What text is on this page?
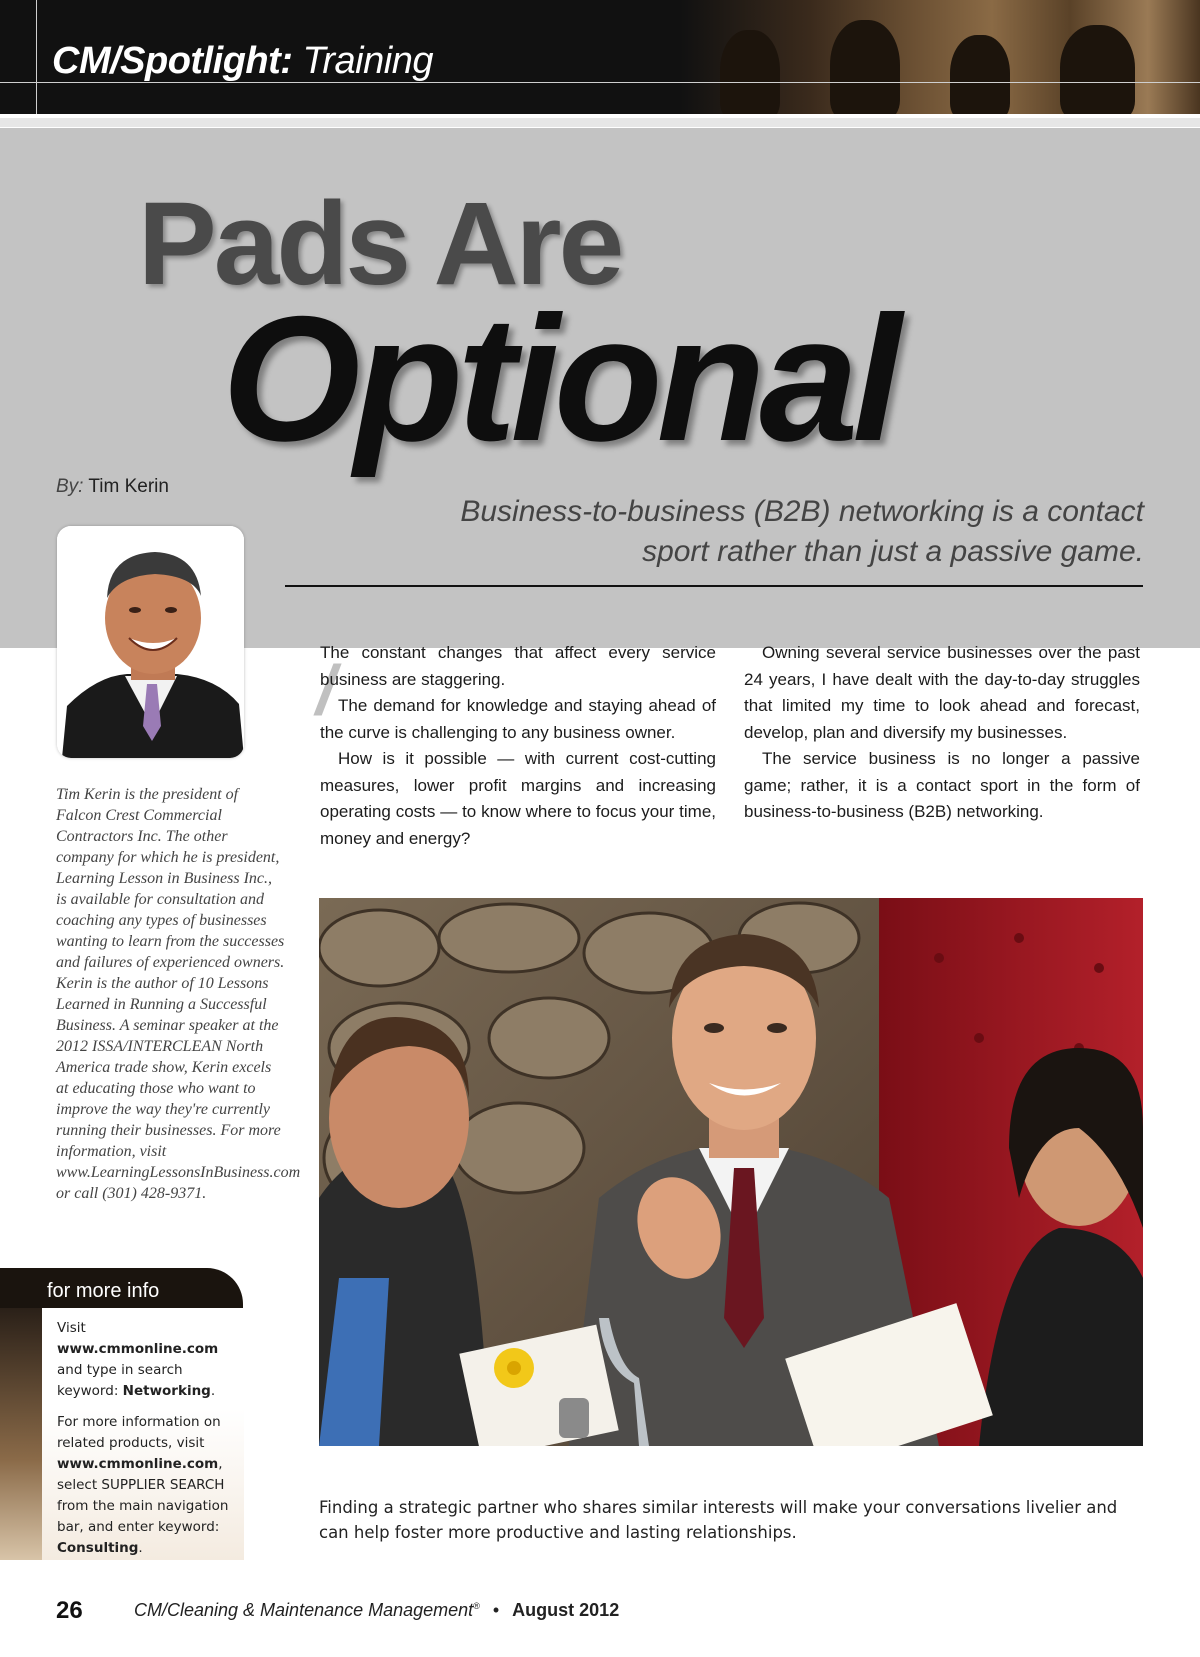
CM/Spotlight: Training
Pads Are
Optional
By: Tim Kerin
Business-to-business (B2B) networking is a contact sport rather than just a passive game.
Tim Kerin is the president of Falcon Crest Commercial Contractors Inc. The other company for which he is president, Learning Lesson in Business Inc., is available for consultation and coaching any types of businesses wanting to learn from the successes and failures of experienced owners. Kerin is the author of 10 Lessons Learned in Running a Successful Business. A seminar speaker at the 2012 ISSA/INTERCLEAN North America trade show, Kerin excels at educating those who want to improve the way they're currently running their businesses. For more information, visit www.LearningLessonsInBusiness.com or call (301) 428-9371.
for more info

Visit www.cmmonline.com and type in search keyword: Networking.

For more information on related products, visit www.cmmonline.com, select SUPPLIER SEARCH from the main navigation bar, and enter keyword: Consulting.

/

The constant changes that affect every service business are staggering.

The demand for knowledge and staying ahead of the curve is challenging to any business owner.

How is it possible — with current cost-cutting measures, lower profit margins and increasing operating costs — to know where to focus your time, money and energy?

Owning several service businesses over the past 24 years, I have dealt with the day-to-day struggles that limited my time to look ahead and forecast, develop, plan and diversify my businesses.

The service business is no longer a passive game; rather, it is a contact sport in the form of business-to-business (B2B) networking.

Finding a strategic partner who shares similar interests will make your conversations livelier and can help foster more productive and lasting relationships.
26	CM/Cleaning & Maintenance Management® • August 2012
